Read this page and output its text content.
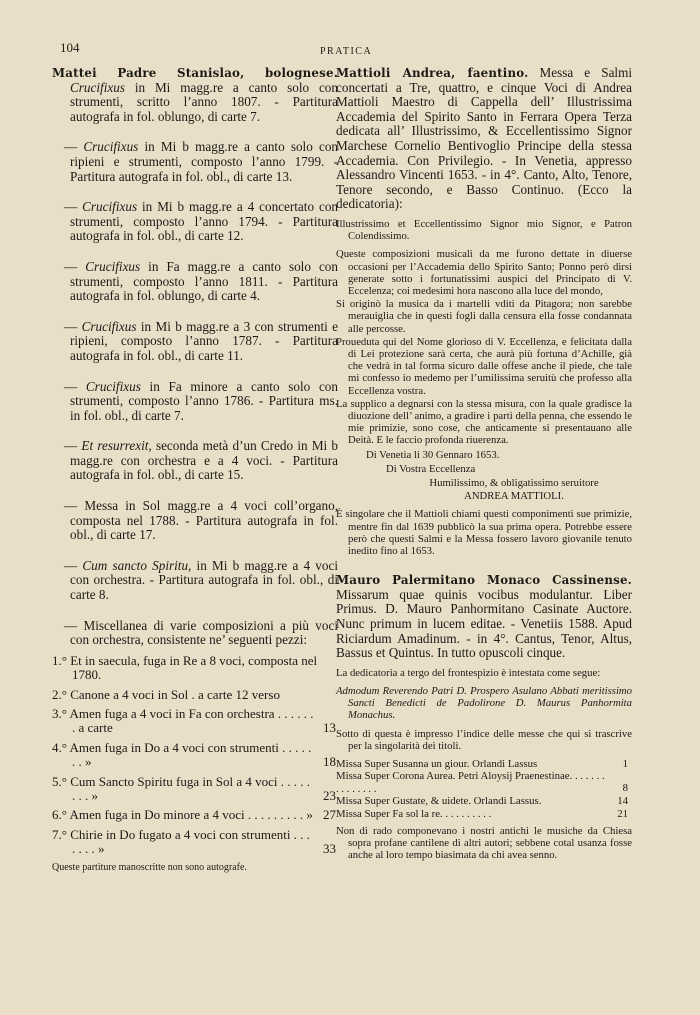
104	PRATICA

Mattei Padre Stanislao, bolognese. Crucifixus in Mi magg.re a canto solo con strumenti, scritto l’anno 1807. - Partitura autografa in fol. oblungo, di carte 7.

— Crucifixus in Mi b magg.re a canto solo con ripieni e strumenti, composto l’anno 1799. - Partitura autografa in fol. obl., di carte 13.

— Crucifixus in Mi b magg.re a 4 concertato con strumenti, composto l’anno 1794. - Partitura autografa in fol. obl., di carte 12.

— Crucifixus in Fa magg.re a canto solo con strumenti, composto l’anno 1811. - Partitura autografa in fol. oblungo, di carte 4.

— Crucifixus in Mi b magg.re a 3 con strumenti e ripieni, composto l’anno 1787. - Partitura autografa in fol. obl., di carte 11.

— Crucifixus in Fa minore a canto solo con strumenti, composto l’anno 1786. - Partitura ms. in fol. obl., di carte 7.

— Et resurrexit, seconda metà d’un Credo in Mi b magg.re con orchestra e a 4 voci. - Partitura autografa in fol. obl., di carte 15.

— Messa in Sol magg.re a 4 voci coll’organo, composta nel 1788. - Partitura autografa in fol. obl., di carte 17.

— Cum sancto Spiritu, in Mi b magg.re a 4 voci con orchestra. - Partitura autografa in fol. obl., di carte 8.

— Miscellanea di varie composizioni a più voci con orchestra, consistente ne’ seguenti pezzi:

1.° Et in saecula, fuga in Re a 8 voci, composta nel 1780.
2.° Canone a 4 voci in Sol . a carte 12 verso
3.° Amen fuga a 4 voci in Fa con orchestra . . . . . . . a carte	13
4.° Amen fuga in Do a 4 voci con strumenti . . . . . . . »	18
5.° Cum Sancto Spiritu fuga in Sol a 4 voci . . . . . . . . »	23
6.° Amen fuga in Do minore a 4 voci . . . . . . . . . » 27
7.° Chirie in Do fugato a 4 voci con strumenti . . . . . . . »	33

Queste partiture manoscritte non sono autografe.

Mattioli Andrea, faentino. Messa e Salmi concertati a Tre, quattro, e cinque Voci di Andrea Mattioli Maestro di Cappella dell’ Illustrissima Accademia del Spirito Santo in Ferrara Opera Terza dedicata all’ Illustrissimo, & Eccellentissimo Signor Marchese Cornelio Bentivoglio Principe della stessa Accademia. Con Privilegio. - In Venetia, appresso Alessandro Vincenti 1653. - in 4°. Canto, Alto, Tenore, Tenore secondo, e Basso Continuo. (Ecco la dedicatoria):

Illustrissimo et Eccellentissimo Signor mio Signor, e Patron Colendissimo.

Queste composizioni musicali da me furono dettate in diuerse occasioni per l’Accademia dello Spirito Santo; Ponno però dirsi generate sotto i fortunatissimi auspici del Principato di V. Eccelenza; coi medesimi hora nascono alla luce del mondo,

Si originò la musica da i martelli vditi da Pitagora; non sarebbe merauiglia che in questi fogli dalla censura ella fosse condannata alle percosse.

Proueduta qui del Nome glorioso di V. Eccellenza, e felicitata dalla di Lei protezione sarà certa, che aurà più fortuna d’Achille, già che vedrà in tal forma sicuro dalle offese anche il piede, che tale mi confesso io medemo per l’umilissima seruitù che professo alla Eccellenza vostra.

La supplico a degnarsi con la stessa misura, con la quale gradisce la diuozione dell’ animo, a gradire i parti della penna, che essendo le mie primizie, sono cose, che anticamente si presentauano alle Deità. E le faccio profonda riuerenza.

Di Venetia li 30 Gennaro 1653.

Di Vostra Eccellenza

Humilissimo, & obligatissimo seruitore

ANDREA MATTIOLI.

È singolare che il Mattioli chiami questi componimenti sue primizie, mentre fin dal 1639 pubblicò la sua prima opera. Potrebbe essere però che questi Salmi e la Messa fossero lavoro giovanile tenuto inedito fino al 1653.

Mauro Palermitano Monaco Cassinense. Missarum quae quinis vocibus modulantur. Liber Primus. D. Mauro Panhormitano Casinate Auctore. Nunc primum in lucem editae. - Venetiis 1588. Apud Riciardum Amadinum. - in 4°. Cantus, Tenor, Altus, Bassus et Quintus. In tutto opuscoli cinque.

La dedicatoria a tergo del frontespizio è intestata come segue:

Admodum Reverendo Patri D. Prospero Asulano Abbati meritissimo Sancti Benedicti de Padolirone D. Maurus Panhormita Monachus.

Sotto di questa è impresso l’indice delle messe che qui si trascrive per la singolarità dei titoli.

Missa Super Susanna un giour. Orlandi Lassus	1
Missa Super Corona Aurea. Petri Aloysij Praenestinae. . . . . . . . . . . . . . .	8
Missa Super Gustate, & uidete. Orlandi Lassus.	14
Missa Super Fa sol la re. . . . . . . . . .	21

Non di rado componevano i nostri antichi le musiche da Chiesa sopra profane cantilene di altri autori; sebbene cotal usanza fosse anche al loro tempo biasimata da chi avea senno.
